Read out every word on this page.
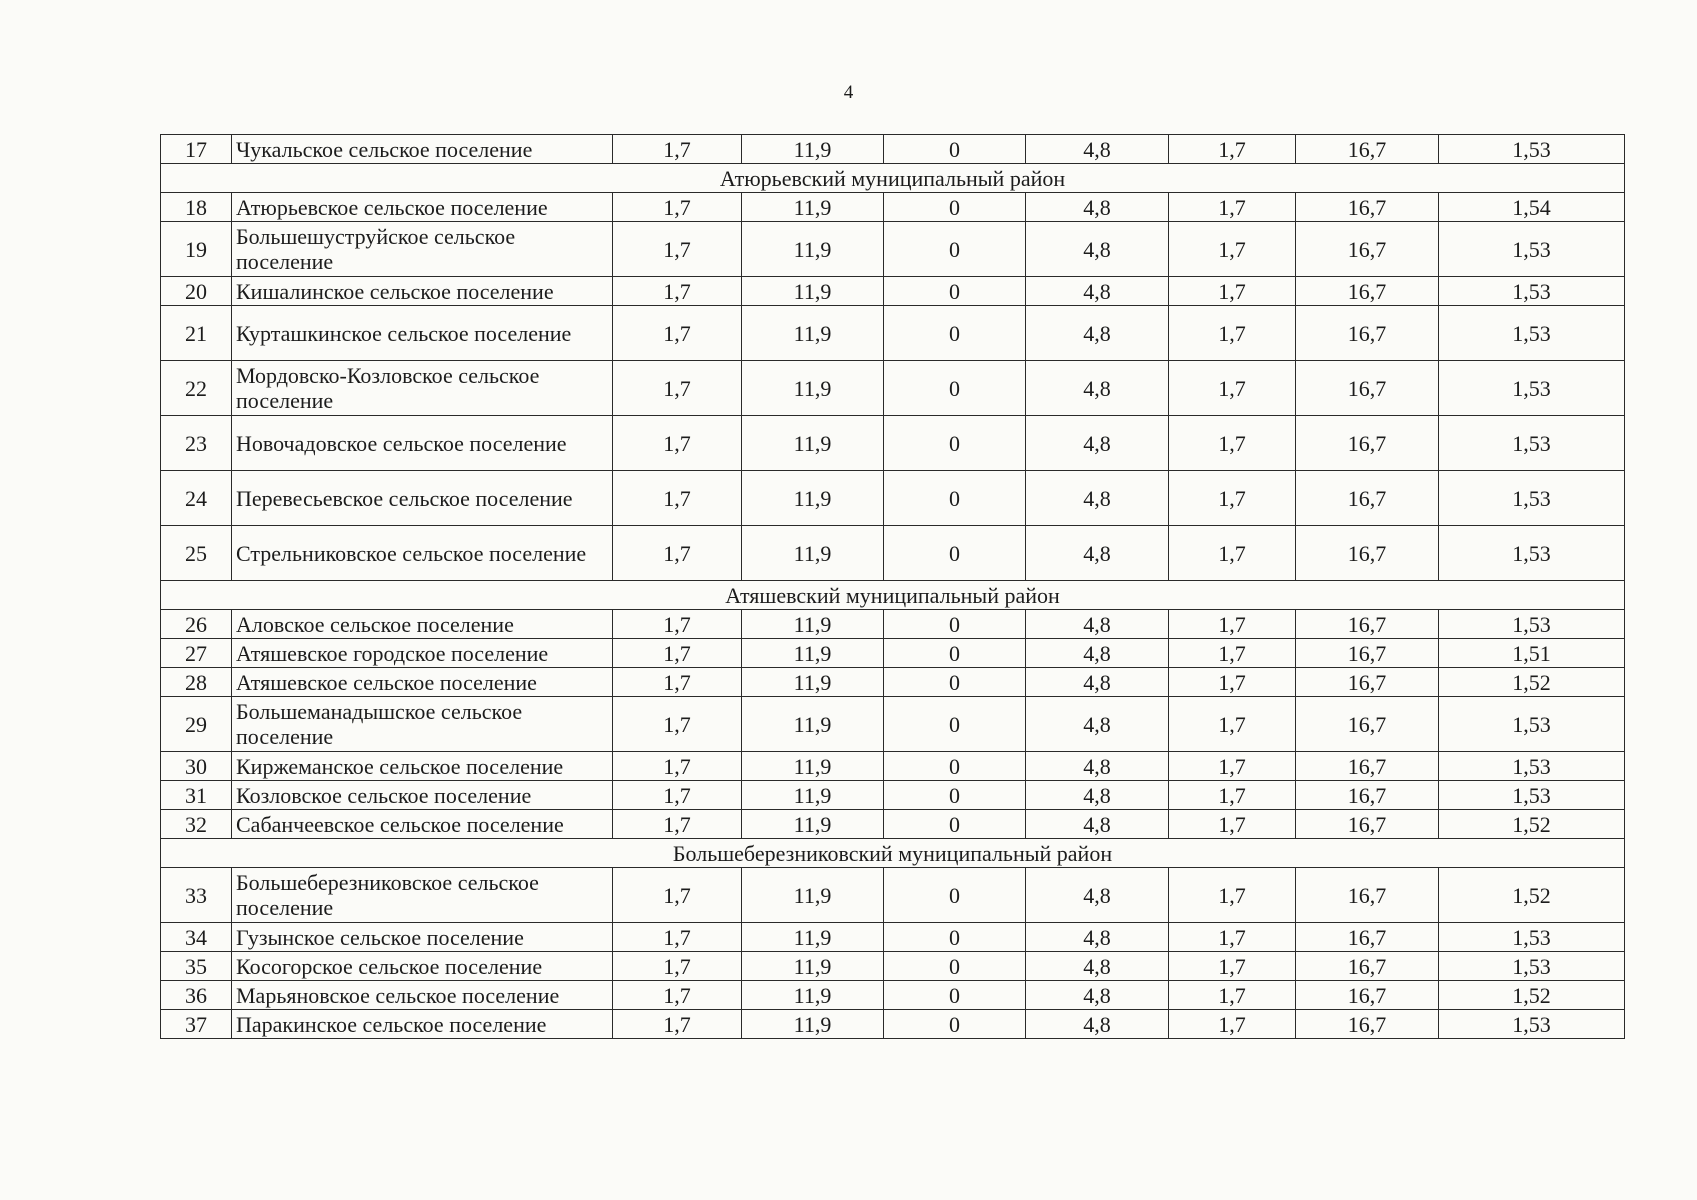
4
17	Чукальское сельское поселение	1,7	11,9	0	4,8	1,7	16,7	1,53
Атюрьевский муниципальный район								
18	Атюрьевское сельское поселение	1,7	11,9	0	4,8	1,7	16,7	1,54
19	Большешуструйское сельское поселение	1,7	11,9	0	4,8	1,7	16,7	1,53
20	Кишалинское сельское поселение	1,7	11,9	0	4,8	1,7	16,7	1,53
21	Курташкинское сельское поселение	1,7	11,9	0	4,8	1,7	16,7	1,53
22	Мордовско-Козловское сельское поселение	1,7	11,9	0	4,8	1,7	16,7	1,53
23	Новочадовское сельское поселение	1,7	11,9	0	4,8	1,7	16,7	1,53
24	Перевесьевское сельское поселение	1,7	11,9	0	4,8	1,7	16,7	1,53
25	Стрельниковское сельское поселение	1,7	11,9	0	4,8	1,7	16,7	1,53
Атяшевский муниципальный район								
26	Аловское сельское поселение	1,7	11,9	0	4,8	1,7	16,7	1,53
27	Атяшевское городское поселение	1,7	11,9	0	4,8	1,7	16,7	1,51
28	Атяшевское сельское поселение	1,7	11,9	0	4,8	1,7	16,7	1,52
29	Большеманадышское сельское поселение	1,7	11,9	0	4,8	1,7	16,7	1,53
30	Киржеманское сельское поселение	1,7	11,9	0	4,8	1,7	16,7	1,53
31	Козловское сельское поселение	1,7	11,9	0	4,8	1,7	16,7	1,53
32	Сабанчеевское сельское поселение	1,7	11,9	0	4,8	1,7	16,7	1,52
Большеберезниковский муниципальный район								
33	Большеберезниковское сельское поселение	1,7	11,9	0	4,8	1,7	16,7	1,52
34	Гузынское сельское поселение	1,7	11,9	0	4,8	1,7	16,7	1,53
35	Косогорское сельское поселение	1,7	11,9	0	4,8	1,7	16,7	1,53
36	Марьяновское сельское поселение	1,7	11,9	0	4,8	1,7	16,7	1,52
37	Паракинское сельское поселение	1,7	11,9	0	4,8	1,7	16,7	1,53
